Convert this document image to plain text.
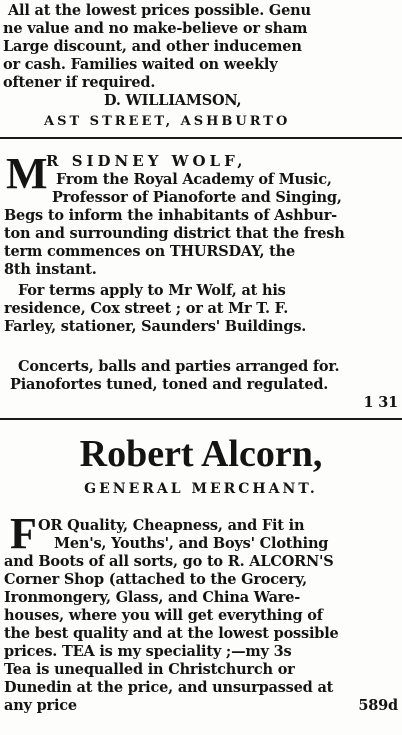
All at the lowest prices possible. Genu
ne value and no make-believe or sham
Large discount, and other inducemen
or cash. Families waited on weekly
oftener if required.
D. WILLIAMSON,
AST STREET, ASHBURTO
M
R SIDNEY WOLF,
From the Royal Academy of Music,
Professor of Pianoforte and Singing,
Begs to inform the inhabitants of Ashbur-
ton and surrounding district that the fresh
term commences on THURSDAY, the
8th instant.
For terms apply to Mr Wolf, at his
residence, Cox street ; or at Mr T. F.
Farley, stationer, Saunders' Buildings.
Concerts, balls and parties arranged for.
Pianofortes tuned, toned and regulated.
1 31
Robert Alcorn,
GENERAL MERCHANT.
F OR Quality, Cheapness, and Fit in
Men's, Youths', and Boys' Clothing
and Boots of all sorts, go to R. ALCORN'S
Corner Shop (attached to the Grocery,
Ironmongery, Glass, and China Ware-
houses, where you will get everything of
the best quality and at the lowest possible
prices. TEA is my speciality ;—my 3s
Tea is unequalled in Christchurch or
Dunedin at the price, and unsurpassed at
any price	589d
